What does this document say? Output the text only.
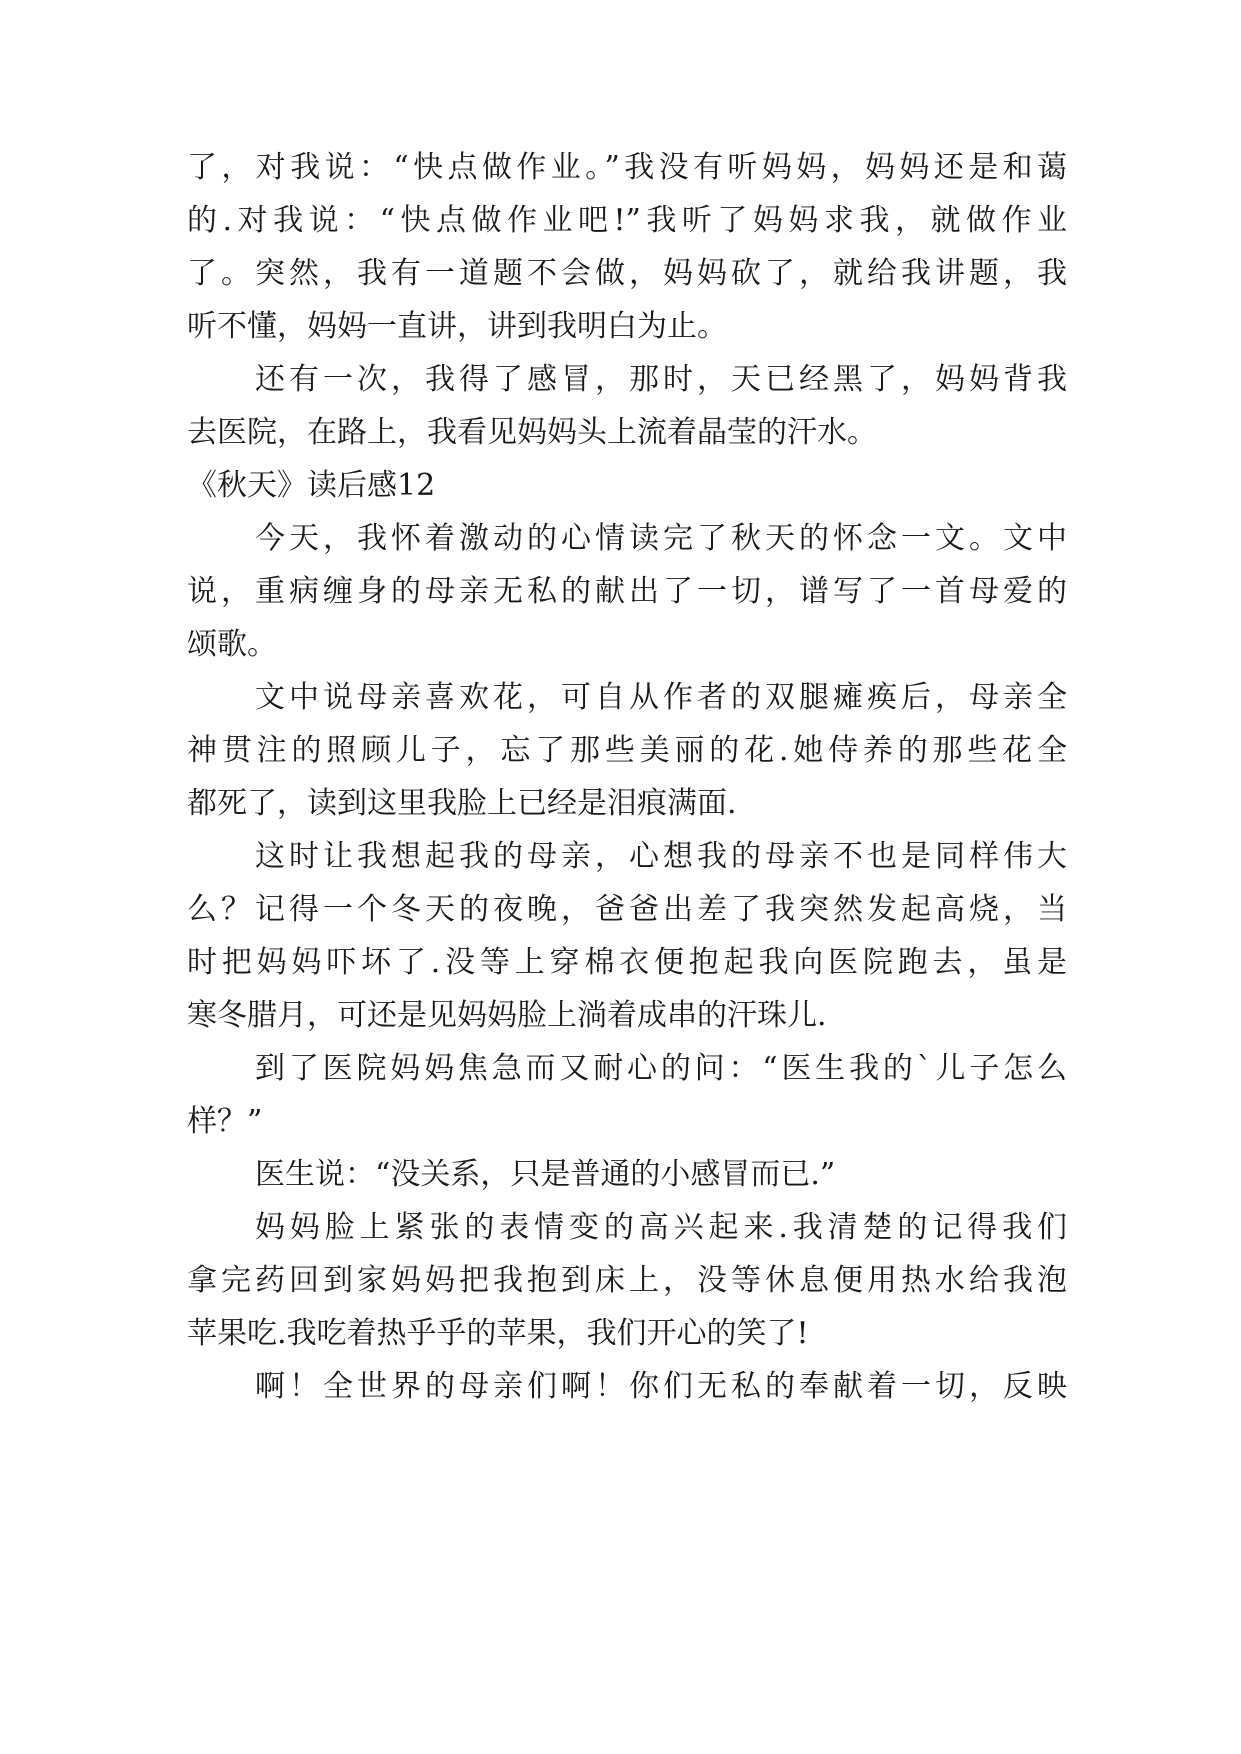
了，对我说：“快点做作业。”我没有听妈妈，妈妈还是和蔼
的.对我说：“快点做作业吧!”我听了妈妈求我，就做作业
了。突然，我有一道题不会做，妈妈砍了，就给我讲题，我
听不懂，妈妈一直讲，讲到我明白为止。
还有一次，我得了感冒，那时，天已经黑了，妈妈背我
去医院，在路上，我看见妈妈头上流着晶莹的汗水。
《秋天》读后感12
今天，我怀着激动的心情读完了秋天的怀念一文。文中
说，重病缠身的母亲无私的献出了一切，谱写了一首母爱的
颂歌。
文中说母亲喜欢花，可自从作者的双腿瘫痪后，母亲全
神贯注的照顾儿子，忘了那些美丽的花.她侍养的那些花全
都死了，读到这里我脸上已经是泪痕满面.
这时让我想起我的母亲，心想我的母亲不也是同样伟大
么？记得一个冬天的夜晚，爸爸出差了我突然发起高烧，当
时把妈妈吓坏了.没等上穿棉衣便抱起我向医院跑去，虽是
寒冬腊月，可还是见妈妈脸上淌着成串的汗珠儿.
到了医院妈妈焦急而又耐心的问：“医生我的`儿子怎么
样？”
医生说：“没关系，只是普通的小感冒而已.”
妈妈脸上紧张的表情变的高兴起来.我清楚的记得我们
拿完药回到家妈妈把我抱到床上，没等休息便用热水给我泡
苹果吃.我吃着热乎乎的苹果，我们开心的笑了!
啊！全世界的母亲们啊！你们无私的奉献着一切，反映
